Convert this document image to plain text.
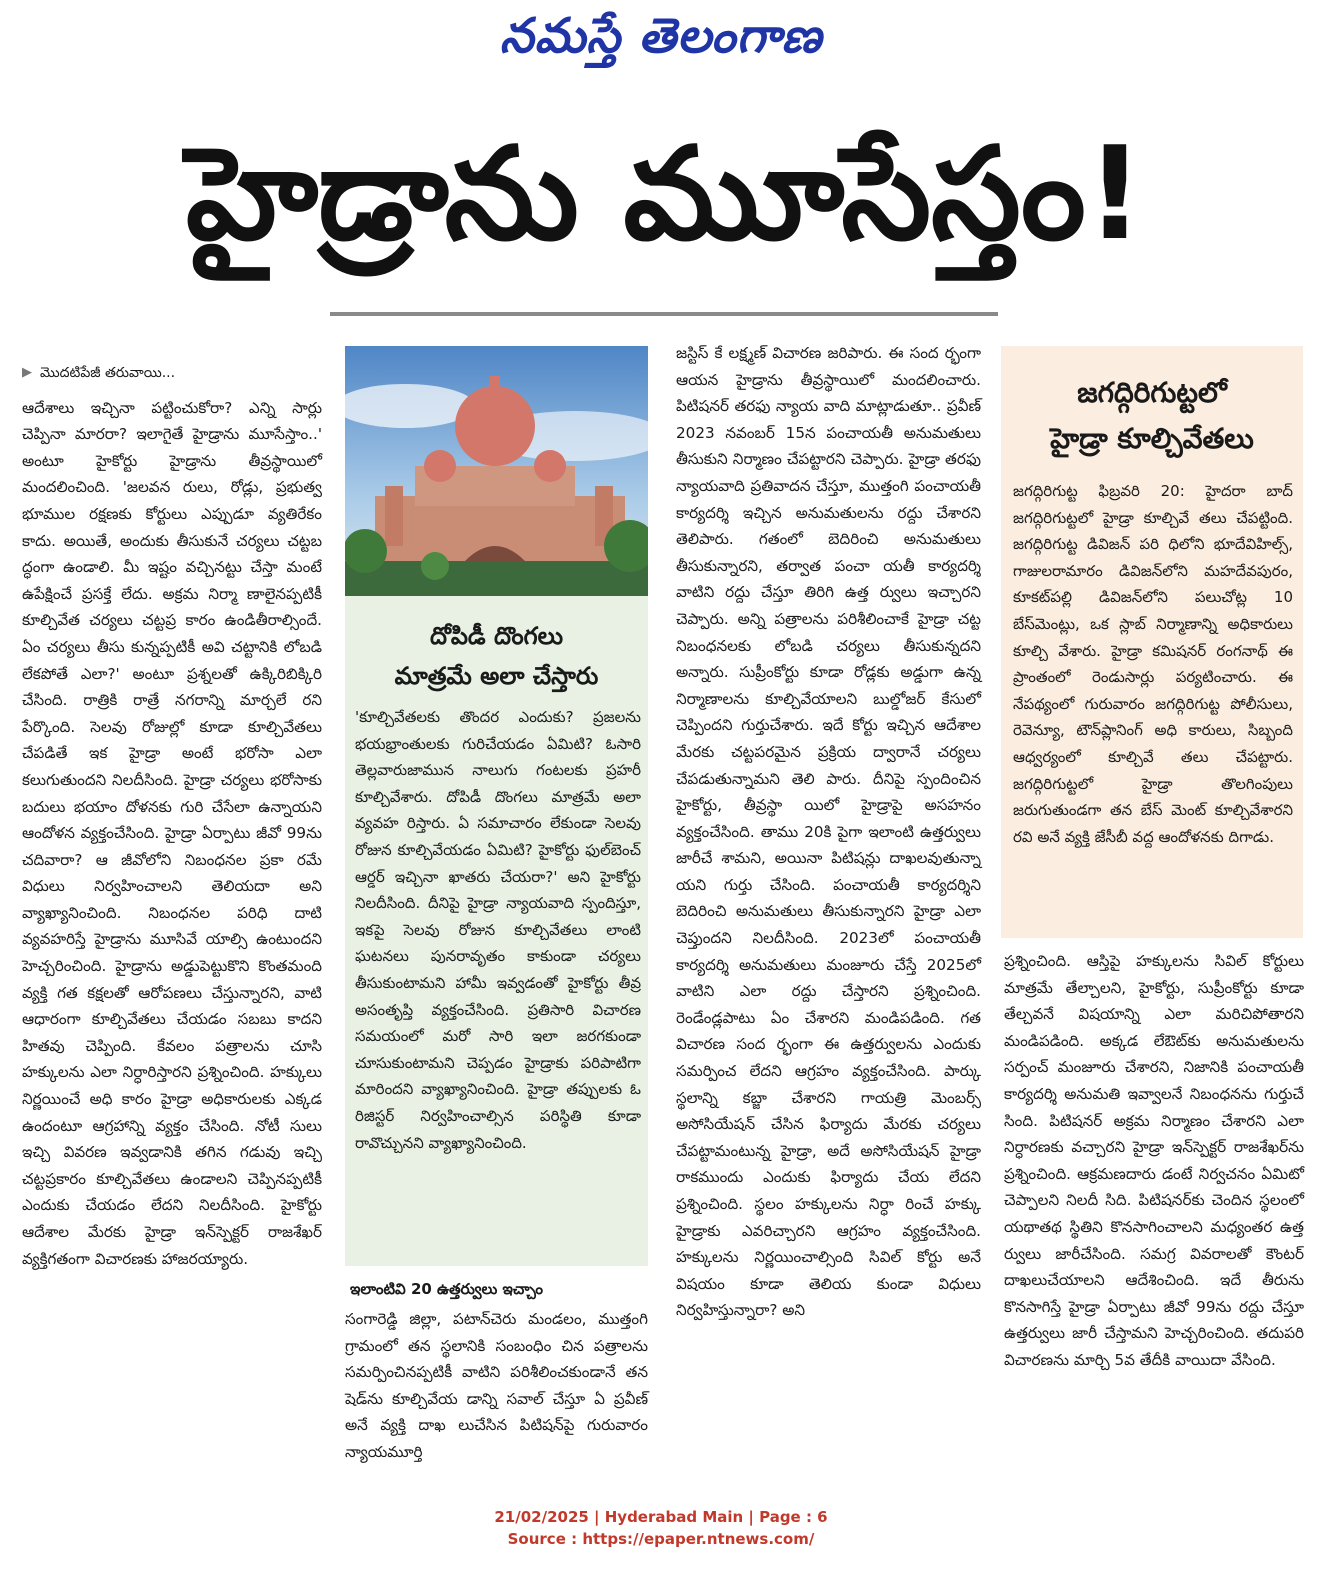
నమస్తే తెలంగాణ
హైడ్రాను మూసేస్తం!
▶ మొదటిపేజీ తరువాయి...
ఆదేశాలు ఇచ్చినా పట్టించుకోరా? ఎన్ని సార్లు చెప్పినా మారరా? ఇలాగైతే హైడ్రాను మూసేస్తాం..' అంటూ హైకోర్టు హైడ్రాను తీవ్రస్థాయిలో మందలించింది. 'జలవన రులు, రోడ్లు, ప్రభుత్వ భూముల రక్షణకు కోర్టులు ఎప్పుడూ వ్యతిరేకం కాదు. అయితే, అందుకు తీసుకునే చర్యలు చట్టబ ద్ధంగా ఉండాలి. మీ ఇష్టం వచ్చినట్టు చేస్తా మంటే ఉపేక్షించే ప్రసక్తే లేదు. అక్రమ నిర్మా ణాలైనప్పటికీ కూల్చివేత చర్యలు చట్టప్ర కారం ఉండితీరాల్సిందే. ఏం చర్యలు తీసు కున్నప్పటికీ అవి చట్టానికి లోబడి లేకపోతే ఎలా?' అంటూ ప్రశ్నలతో ఉక్కిరిబిక్కిరి చేసింది. రాత్రికి రాత్రే నగరాన్ని మార్చలే రని పేర్కొంది. సెలవు రోజుల్లో కూడా కూల్చివేతలు చేపడితే ఇక హైడ్రా అంటే భరోసా ఎలా కలుగుతుందని నిలదీసింది. హైడ్రా చర్యలు భరోసాకు బదులు భయాం దోళనకు గురి చేసేలా ఉన్నాయని ఆందోళన వ్యక్తంచేసింది. హైడ్రా ఏర్పాటు జీవో 99ను చదివారా? ఆ జీవోలోని నిబంధనల ప్రకా రమే విధులు నిర్వహించాలని తెలియదా అని వ్యాఖ్యానించింది. నిబంధనల పరిధి దాటి వ్యవహరిస్తే హైడ్రాను మూసివే యాల్సి ఉంటుందని హెచ్చరించింది. హైడ్రాను అడ్డుపెట్టుకొని కొంతమంది వ్యక్తి గత కక్షలతో ఆరోపణలు చేస్తున్నారని, వాటి ఆధారంగా కూల్చివేతలు చేయడం సబబు కాదని హితవు చెప్పింది. కేవలం పత్రాలను చూసి హక్కులను ఎలా నిర్ధారిస్తారని ప్రశ్నించింది. హక్కులు నిర్ణయించే అధి కారం హైడ్రా అధికారులకు ఎక్కడ ఉందంటూ ఆగ్రహాన్ని వ్యక్తం చేసింది. నోటీ సులు ఇచ్చి వివరణ ఇవ్వడానికి తగిన గడువు ఇచ్చి చట్టప్రకారం కూల్చివేతలు ఉండాలని చెప్పినప్పటికీ ఎందుకు చేయడం లేదని నిలదీసింది. హైకోర్టు ఆదేశాల మేరకు హైడ్రా ఇన్‌స్పెక్టర్ రాజశేఖర్ వ్యక్తిగతంగా విచారణకు హాజరయ్యారు.
దోపిడీ దొంగలు
మాత్రమే అలా చేస్తారు
'కూల్చివేతలకు తొందర ఎందుకు? ప్రజలను భయభ్రాంతులకు గురిచేయడం ఏమిటి? ఓసారి తెల్లవారుజామున నాలుగు గంటలకు ప్రహరీ కూల్చివేశారు. దోపిడీ దొంగలు మాత్రమే అలా వ్యవహ రిస్తారు. ఏ సమాచారం లేకుండా సెలవు రోజున కూల్చివేయడం ఏమిటి? హైకోర్టు ఫుల్‌బెంచ్ ఆర్డర్ ఇచ్చినా ఖాతరు చేయరా?' అని హైకోర్టు నిలదీసింది. దీనిపై హైడ్రా న్యాయవాది స్పందిస్తూ, ఇకపై సెలవు రోజున కూల్చివేతలు లాంటి ఘటనలు పునరావృతం కాకుండా చర్యలు తీసుకుంటామని హామీ ఇవ్వడంతో హైకోర్టు తీవ్ర అసంతృప్తి వ్యక్తంచేసింది. ప్రతిసారి విచారణ సమయంలో మరో సారి ఇలా జరగకుండా చూసుకుంటామని చెప్పడం హైడ్రాకు పరిపాటిగా మారిందని వ్యాఖ్యానించింది. హైడ్రా తప్పులకు ఓ రిజిస్టర్ నిర్వహించాల్సిన పరిస్థితి కూడా రావొచ్చునని వ్యాఖ్యానించింది.
ఇలాంటివి 20 ఉత్తర్వులు ఇచ్చాం
సంగారెడ్డి జిల్లా, పటాన్‌చెరు మండలం, ముత్తంగి గ్రామంలో తన స్థలానికి సంబంధిం చిన పత్రాలను సమర్పించినప్పటికీ వాటిని పరిశీలించకుండానే తన షెడ్‌ను కూల్చివేయ డాన్ని సవాల్ చేస్తూ ఏ ప్రవీణ్ అనే వ్యక్తి దాఖ లుచేసిన పిటిషన్‌పై గురువారం న్యాయమూర్తి
జస్టిస్ కే లక్ష్మణ్ విచారణ జరిపారు. ఈ సంద ర్భంగా ఆయన హైడ్రాను తీవ్రస్థాయిలో మందలించారు. పిటిషనర్ తరఫు న్యాయ వాది మాట్లాడుతూ.. ప్రవీణ్ 2023 నవంబర్ 15న పంచాయతీ అనుమతులు తీసుకుని నిర్మాణం చేపట్టారని చెప్పారు. హైడ్రా తరఫు న్యాయవాది ప్రతివాదన చేస్తూ, ముత్తంగి పంచాయతీ కార్యదర్శి ఇచ్చిన అనుమతులను రద్దు చేశారని తెలిపారు. గతంలో బెదిరించి అనుమతులు తీసుకున్నారని, తర్వాత పంచా యతీ కార్యదర్శి వాటిని రద్దు చేస్తూ తిరిగి ఉత్త ర్వులు ఇచ్చారని చెప్పారు. అన్ని పత్రాలను పరిశీలించాకే హైడ్రా చట్ట నిబంధనలకు లోబడి చర్యలు తీసుకున్నదని అన్నారు. సుప్రీంకోర్టు కూడా రోడ్లకు అడ్డుగా ఉన్న నిర్మాణాలను కూల్చివేయాలని బుల్డోజర్ కేసులో చెప్పిందని గుర్తుచేశారు. ఇదే కోర్టు ఇచ్చిన ఆదేశాల మేరకు చట్టపరమైన ప్రక్రియ ద్వారానే చర్యలు చేపడుతున్నామని తెలి పారు. దీనిపై స్పందించిన హైకోర్టు, తీవ్రస్థా యిలో హైడ్రాపై అసహనం వ్యక్తంచేసింది. తాము 20కి పైగా ఇలాంటి ఉత్తర్వులు జారీచే శామని, అయినా పిటిషన్లు దాఖలవుతున్నా యని గుర్తు చేసింది. పంచాయతీ కార్యదర్శిని బెదిరించి అనుమతులు తీసుకున్నారని హైడ్రా ఎలా చెప్తుందని నిలదీసింది. 2023లో పంచాయతీ కార్యదర్శి అనుమతులు మంజూరు చేస్తే 2025లో వాటిని ఎలా రద్దు చేస్తారని ప్రశ్నించింది. రెండేండ్లపాటు ఏం చేశారని మండిపడింది. గత విచారణ సంద ర్భంగా ఈ ఉత్తర్వులను ఎందుకు సమర్పించ లేదని ఆగ్రహం వ్యక్తంచేసింది. పార్కు స్థలాన్ని కబ్జా చేశారని గాయత్రి మెంబర్స్ అసోసియేషన్ చేసిన ఫిర్యాదు మేరకు చర్యలు చేపట్టామంటున్న హైడ్రా, అదే అసోసియేషన్ హైడ్రా రాకముందు ఎందుకు ఫిర్యాదు చేయ లేదని ప్రశ్నించింది. స్థలం హక్కులను నిర్ధా రించే హక్కు హైడ్రాకు ఎవరిచ్చారని ఆగ్రహం వ్యక్తంచేసింది. హక్కులను నిర్ణయించాల్సింది సివిల్ కోర్టు అనే విషయం కూడా తెలియ కుండా విధులు నిర్వహిస్తున్నారా? అని
జగద్గిరిగుట్టలో
హైడ్రా కూల్చివేతలు
జగద్గిరిగుట్ట ఫిబ్రవరి 20: హైదరా బాద్ జగద్గిరిగుట్టలో హైడ్రా కూల్చివే తలు చేపట్టింది. జగద్గిరిగుట్ట డివిజన్ పరి ధిలోని భూదేవిహిల్స్, గాజులరామారం డివిజన్‌లోని మహదేవపురం, కూకట్‌పల్లి డివిజన్‌లోని పలుచోట్ల 10 బేస్‌మెంట్లు, ఒక స్లాబ్ నిర్మాణాన్ని అధికారులు కూల్చి వేశారు. హైడ్రా కమిషనర్ రంగనాథ్ ఈ ప్రాంతంలో రెండుసార్లు పర్యటించారు. ఈ నేపథ్యంలో గురువారం జగద్గిరిగుట్ట పోలీసులు, రెవెన్యూ, టౌన్‌ప్లానింగ్ అధి కారులు, సిబ్బంది ఆధ్వర్యంలో కూల్చివే తలు చేపట్టారు. జగద్గిరిగుట్టలో హైడ్రా తొలగింపులు జరుగుతుండగా తన బేస్ మెంట్ కూల్చివేశారని రవి అనే వ్యక్తి జేసీబీ వద్ద ఆందోళనకు దిగాడు.
ప్రశ్నించింది. ఆస్తిపై హక్కులను సివిల్ కోర్టులు మాత్రమే తేల్చాలని, హైకోర్టు, సుప్రీంకోర్టు కూడా తేల్చవనే విషయాన్ని ఎలా మరిచిపోతారని మండిపడింది. అక్కడ లేఔట్‌కు అనుమతులను సర్పంచ్ మంజూరు చేశారని, నిజానికి పంచాయతీ కార్యదర్శి అనుమతి ఇవ్వాలనే నిబంధనను గుర్తుచే సింది. పిటిషనర్ అక్రమ నిర్మాణం చేశారని ఎలా నిర్ధారణకు వచ్చారని హైడ్రా ఇన్‌స్పెక్టర్ రాజశేఖర్‌ను ప్రశ్నించింది. ఆక్రమణదారు డంటే నిర్వచనం ఏమిటో చెప్పాలని నిలదీ సిది. పిటిషనర్‌కు చెందిన స్థలంలో యథాతథ స్థితిని కొనసాగించాలని మధ్యంతర ఉత్త ర్వులు జారీచేసింది. సమగ్ర వివరాలతో కౌంటర్ దాఖలుచేయాలని ఆదేశించింది. ఇదే తీరును కొనసాగిస్తే హైడ్రా ఏర్పాటు జీవో 99ను రద్దు చేస్తూ ఉత్తర్వులు జారీ చేస్తామని హెచ్చరించింది. తదుపరి విచారణను మార్చి 5వ తేదీకి వాయిదా వేసింది.
21/02/2025 | Hyderabad Main | Page : 6
Source : https://epaper.ntnews.com/
